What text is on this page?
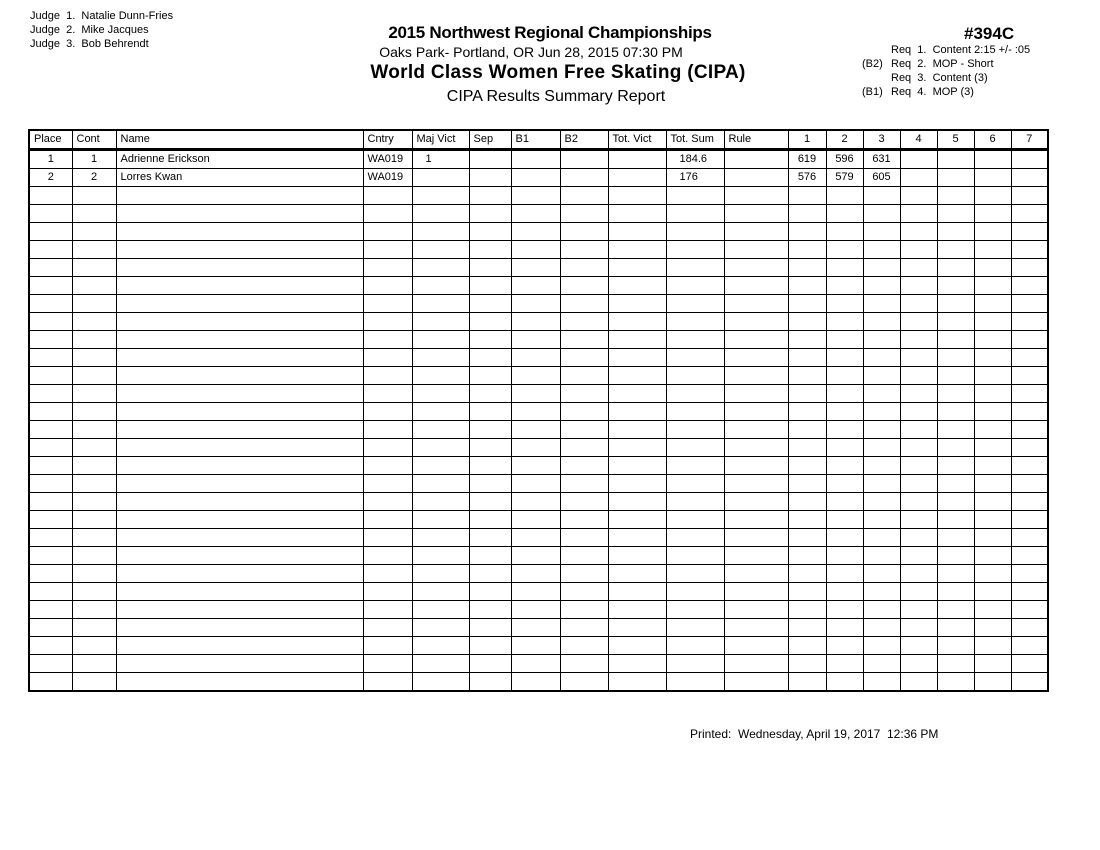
Judge  1. Natalie Dunn-Fries
Judge  2. Mike Jacques
Judge  3. Bob Behrendt
2015 Northwest Regional Championships
Oaks Park- Portland, OR Jun 28, 2015 07:30 PM
World Class Women Free Skating (CIPA)
CIPA Results Summary Report
#394C
Req  1.  Content 2:15 +/- :05
(B2) Req  2.  MOP - Short
Req  3.  Content (3)
(B1) Req  4.  MOP (3)
Place	Cont	Name	Cntry	Maj Vict	Sep	B1	B2	Tot. Vict	Tot. Sum	Rule	1	2	3	4	5	6	7
1	1	Adrienne Erickson	WA019	1					184.6		619	596	631				
2	2	Lorres Kwan	WA019						176		576	579	605				

Printed:  Wednesday, April 19, 2017  12:36 PM
